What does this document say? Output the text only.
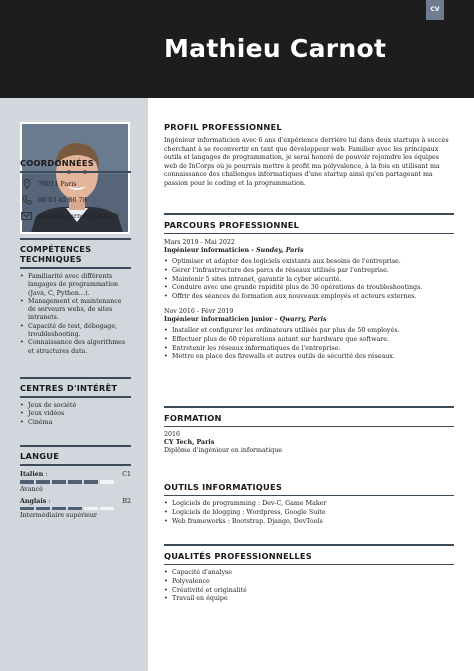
CV
Mathieu Carnot
COORDONNÉES
76011 Paris
06 83 45 86 78
mathieu.carnot@email.fr
COMPÉTENCES TECHNIQUES
• Familiarité avec différents langages de programmation (Java, C, Python…).
• Management et maintenance de serveurs webs, de sites intranets.
• Capacité de test, débogage, troubleshooting.
• Connaissance des algorithmes et structures data.
CENTRES D'INTÉRÊT
• Jeux de société
• Jeux vidéos
• Cinéma
LANGUE
Italien :	C1
Avancé
Anglais :	B2
Intermédiaire supérieur
PROFIL PROFESSIONNEL
Ingénieur informaticien avec 6 ans d'expérience derrière lui dans deux startups à succès cherchant à se reconvertir en tant que développeur web. Familier avec les principaux outils et langages de programmation, je serai honoré de pouvoir rejoindre les équipes web de InCorps où je pourrais mettre à profit ma polyvalence, à la fois en utilisant ma connaissance des challenges informatiques d'une startup ainsi qu'en partageant ma passion pour le coding et la programmation.
PARCOURS PROFESSIONNEL
Mars 2019 - Mai 2022
Ingénieur informaticien - Sunday, Paris
• Optimiser et adapter des logiciels existants aux besoins de l'entreprise.
• Gérer l'infrastructure des parcs de réseaux utilisés par l'entreprise.
• Maintenir 5 sites intranet, garantir la cyber sécurité.
• Conduire avec une grande rapidité plus de 30 opérations de troubleshootings.
• Offrir des séances de formation aux nouveaux employés et acteurs externes.
Nov 2016 - Févr 2019
Ingénieur informaticien junior - Qwarry, Paris
• Installer et configurer les ordinateurs utilisés par plus de 50 employés.
• Effectuer plus de 60 réparations autant sur hardware que software.
• Entretenir les réseaux informatiques de l'entreprise.
• Mettre en place des firewalls et autres outils de sécurité des réseaux.
FORMATION
2016
CY Tech, Paris
Diplôme d'ingénieur en informatique
OUTILS INFORMATIQUES
• Logiciels de programming : Dev-C, Game Maker
• Logiciels de blogging : Wordpress, Google Suite
• Web frameworks : Bootstrap, Django, DevTools
QUALITÉS PROFESSIONNELLES
• Capacité d'analyse
• Polyvalence
• Créativité et originalité
• Travail en équipe
